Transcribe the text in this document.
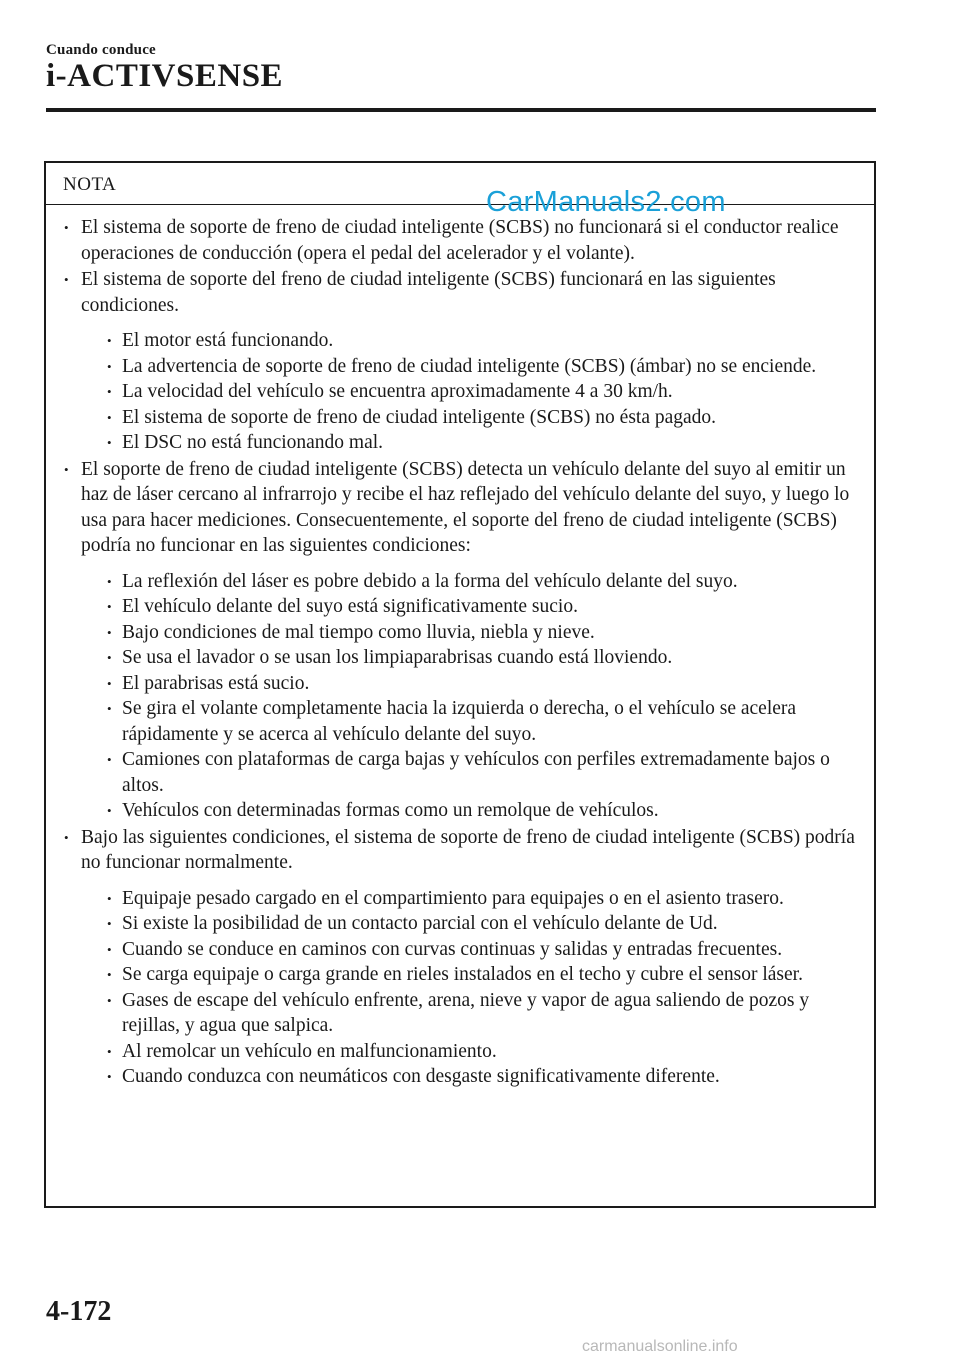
Cuando conduce
i-ACTIVSENSE
NOTA
• El sistema de soporte de freno de ciudad inteligente (SCBS) no funcionará si el conductor realice operaciones de conducción (opera el pedal del acelerador y el volante).
• El sistema de soporte del freno de ciudad inteligente (SCBS) funcionará en las siguientes condiciones.
• El motor está funcionando.
• La advertencia de soporte de freno de ciudad inteligente (SCBS) (ámbar) no se enciende.
• La velocidad del vehículo se encuentra aproximadamente 4 a 30 km/h.
• El sistema de soporte de freno de ciudad inteligente (SCBS) no ésta pagado.
• El DSC no está funcionando mal.
• El soporte de freno de ciudad inteligente (SCBS) detecta un vehículo delante del suyo al emitir un haz de láser cercano al infrarrojo y recibe el haz reflejado del vehículo delante del suyo, y luego lo usa para hacer mediciones. Consecuentemente, el soporte del freno de ciudad inteligente (SCBS) podría no funcionar en las siguientes condiciones:
• La reflexión del láser es pobre debido a la forma del vehículo delante del suyo.
• El vehículo delante del suyo está significativamente sucio.
• Bajo condiciones de mal tiempo como lluvia, niebla y nieve.
• Se usa el lavador o se usan los limpiaparabrisas cuando está lloviendo.
• El parabrisas está sucio.
• Se gira el volante completamente hacia la izquierda o derecha, o el vehículo se acelera rápidamente y se acerca al vehículo delante del suyo.
• Camiones con plataformas de carga bajas y vehículos con perfiles extremadamente bajos o altos.
• Vehículos con determinadas formas como un remolque de vehículos.
• Bajo las siguientes condiciones, el sistema de soporte de freno de ciudad inteligente (SCBS) podría no funcionar normalmente.
• Equipaje pesado cargado en el compartimiento para equipajes o en el asiento trasero.
• Si existe la posibilidad de un contacto parcial con el vehículo delante de Ud.
• Cuando se conduce en caminos con curvas continuas y salidas y entradas frecuentes.
• Se carga equipaje o carga grande en rieles instalados en el techo y cubre el sensor láser.
• Gases de escape del vehículo enfrente, arena, nieve y vapor de agua saliendo de pozos y rejillas, y agua que salpica.
• Al remolcar un vehículo en malfuncionamiento.
• Cuando conduzca con neumáticos con desgaste significativamente diferente.
CarManuals2.com
4-172
carmanualsonline.info
